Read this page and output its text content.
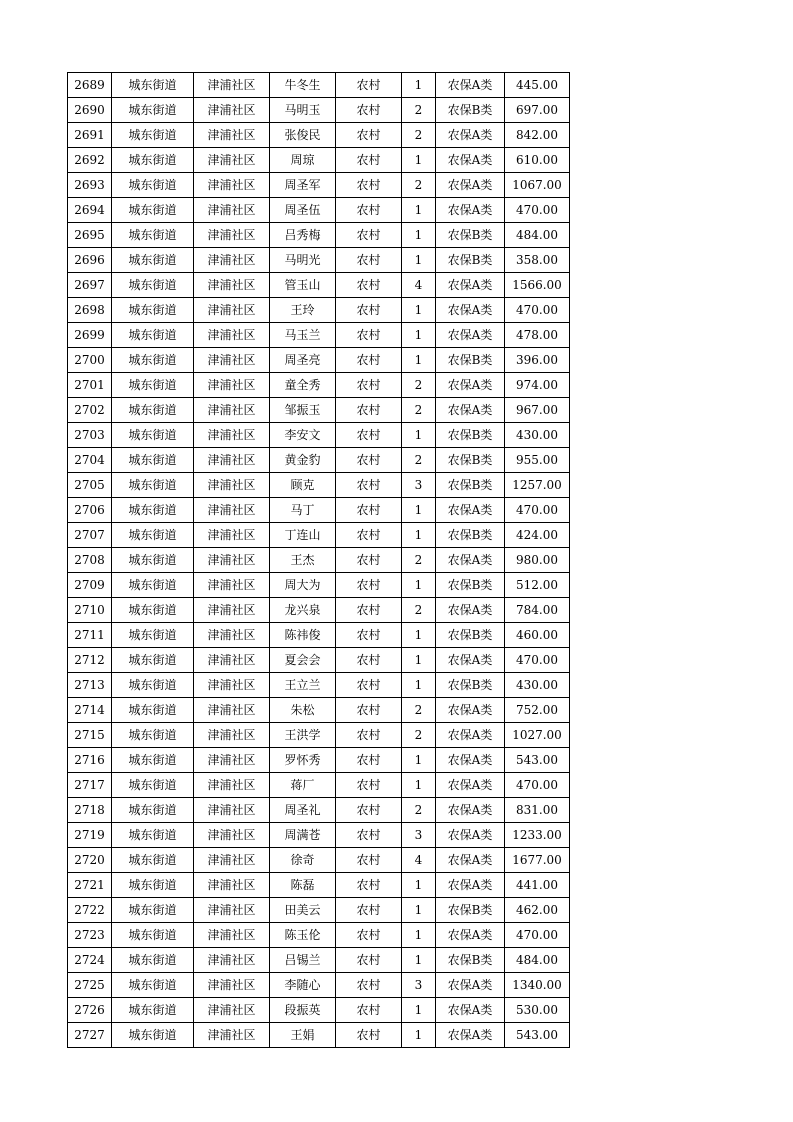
2689	城东街道	津浦社区	牛冬生	农村	1	农保A类	445.00
2690	城东街道	津浦社区	马明玉	农村	2	农保B类	697.00
2691	城东街道	津浦社区	张俊民	农村	2	农保A类	842.00
2692	城东街道	津浦社区	周琼	农村	1	农保A类	610.00
2693	城东街道	津浦社区	周圣军	农村	2	农保A类	1067.00
2694	城东街道	津浦社区	周圣伍	农村	1	农保A类	470.00
2695	城东街道	津浦社区	吕秀梅	农村	1	农保B类	484.00
2696	城东街道	津浦社区	马明光	农村	1	农保B类	358.00
2697	城东街道	津浦社区	管玉山	农村	4	农保A类	1566.00
2698	城东街道	津浦社区	王玲	农村	1	农保A类	470.00
2699	城东街道	津浦社区	马玉兰	农村	1	农保A类	478.00
2700	城东街道	津浦社区	周圣亮	农村	1	农保B类	396.00
2701	城东街道	津浦社区	童全秀	农村	2	农保A类	974.00
2702	城东街道	津浦社区	邹振玉	农村	2	农保A类	967.00
2703	城东街道	津浦社区	李安文	农村	1	农保B类	430.00
2704	城东街道	津浦社区	黄金豹	农村	2	农保B类	955.00
2705	城东街道	津浦社区	顾克	农村	3	农保B类	1257.00
2706	城东街道	津浦社区	马丁	农村	1	农保A类	470.00
2707	城东街道	津浦社区	丁连山	农村	1	农保B类	424.00
2708	城东街道	津浦社区	王杰	农村	2	农保A类	980.00
2709	城东街道	津浦社区	周大为	农村	1	农保B类	512.00
2710	城东街道	津浦社区	龙兴泉	农村	2	农保A类	784.00
2711	城东街道	津浦社区	陈祎俊	农村	1	农保B类	460.00
2712	城东街道	津浦社区	夏会会	农村	1	农保A类	470.00
2713	城东街道	津浦社区	王立兰	农村	1	农保B类	430.00
2714	城东街道	津浦社区	朱松	农村	2	农保A类	752.00
2715	城东街道	津浦社区	王洪学	农村	2	农保A类	1027.00
2716	城东街道	津浦社区	罗怀秀	农村	1	农保A类	543.00
2717	城东街道	津浦社区	蒋厂	农村	1	农保A类	470.00
2718	城东街道	津浦社区	周圣礼	农村	2	农保A类	831.00
2719	城东街道	津浦社区	周满苍	农村	3	农保A类	1233.00
2720	城东街道	津浦社区	徐奇	农村	4	农保A类	1677.00
2721	城东街道	津浦社区	陈磊	农村	1	农保A类	441.00
2722	城东街道	津浦社区	田美云	农村	1	农保B类	462.00
2723	城东街道	津浦社区	陈玉伦	农村	1	农保A类	470.00
2724	城东街道	津浦社区	吕锡兰	农村	1	农保B类	484.00
2725	城东街道	津浦社区	李随心	农村	3	农保A类	1340.00
2726	城东街道	津浦社区	段振英	农村	1	农保A类	530.00
2727	城东街道	津浦社区	王娟	农村	1	农保A类	543.00
